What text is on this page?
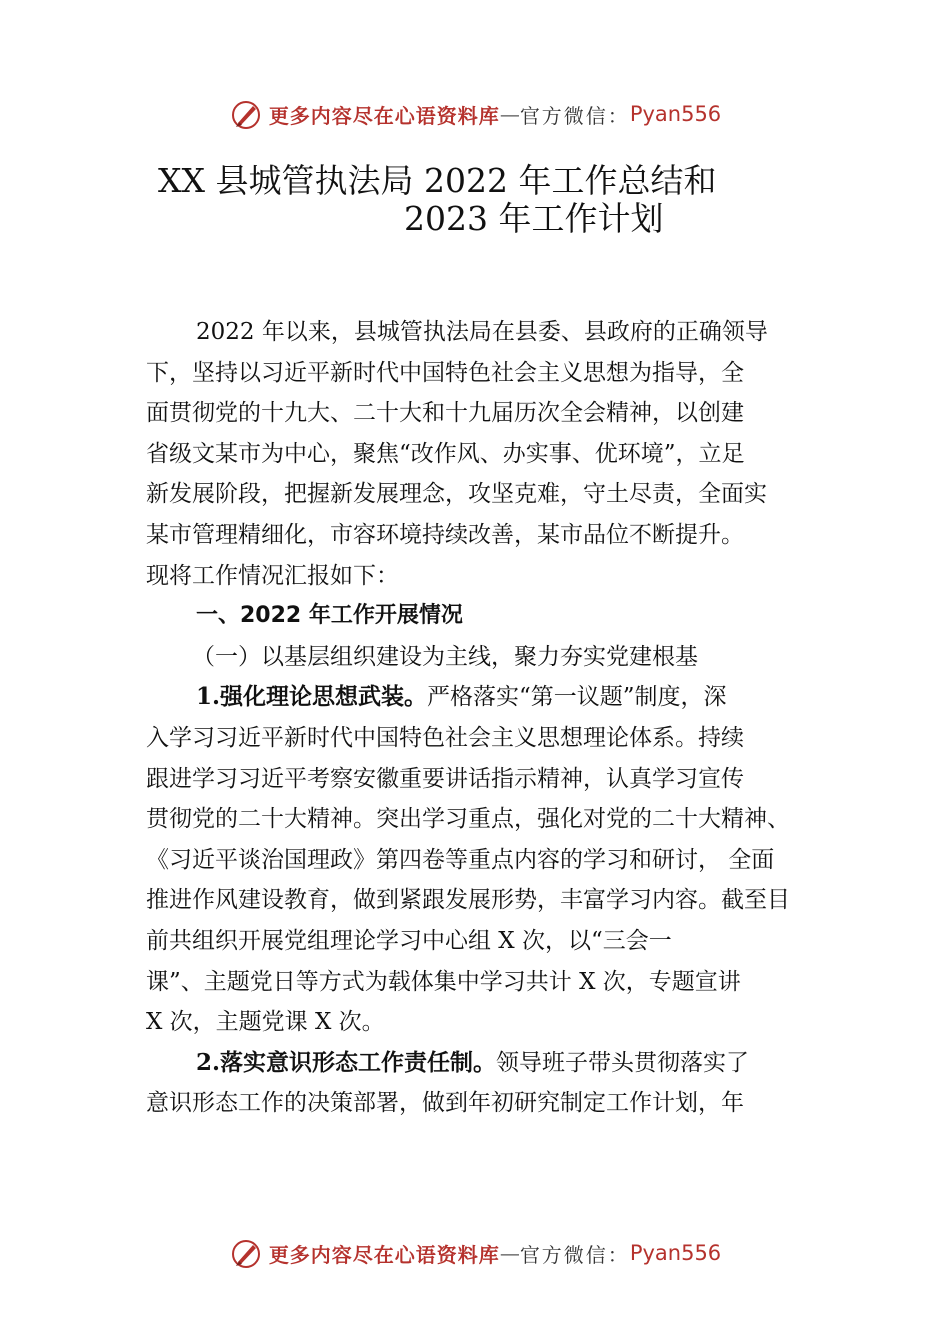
更多内容尽在心语资料库 — 官方微信： Pyan556
XX 县城管执法局 2022 年工作总结和
2023 年工作计划
2022 年以来，县城管执法局在县委、县政府的正确领导
下，坚持以习近平新时代中国特色社会主义思想为指导，全
面贯彻党的十九大、二十大和十九届历次全会精神，以创建
省级文某市为中心，聚焦“改作风、办实事、优环境”，立足
新发展阶段，把握新发展理念，攻坚克难，守土尽责，全面实
某市管理精细化，市容环境持续改善，某市品位不断提升。
现将工作情况汇报如下：
一、2022 年工作开展情况
（一）以基层组织建设为主线，聚力夯实党建根基
1.强化理论思想武装。严格落实“第一议题”制度，深
入学习习近平新时代中国特色社会主义思想理论体系。持续
跟进学习习近平考察安徽重要讲话指示精神，认真学习宣传
贯彻党的二十大精神。突出学习重点，强化对党的二十大精神、
《习近平谈治国理政》第四卷等重点内容的学习和研讨， 全面
推进作风建设教育，做到紧跟发展形势，丰富学习内容。截至目
前共组织开展党组理论学习中心组 X 次，以“三会一
课”、主题党日等方式为载体集中学习共计 X 次，专题宣讲
X 次，主题党课 X 次。
2.落实意识形态工作责任制。领导班子带头贯彻落实了
意识形态工作的决策部署，做到年初研究制定工作计划，年
更多内容尽在心语资料库 — 官方微信： Pyan556
